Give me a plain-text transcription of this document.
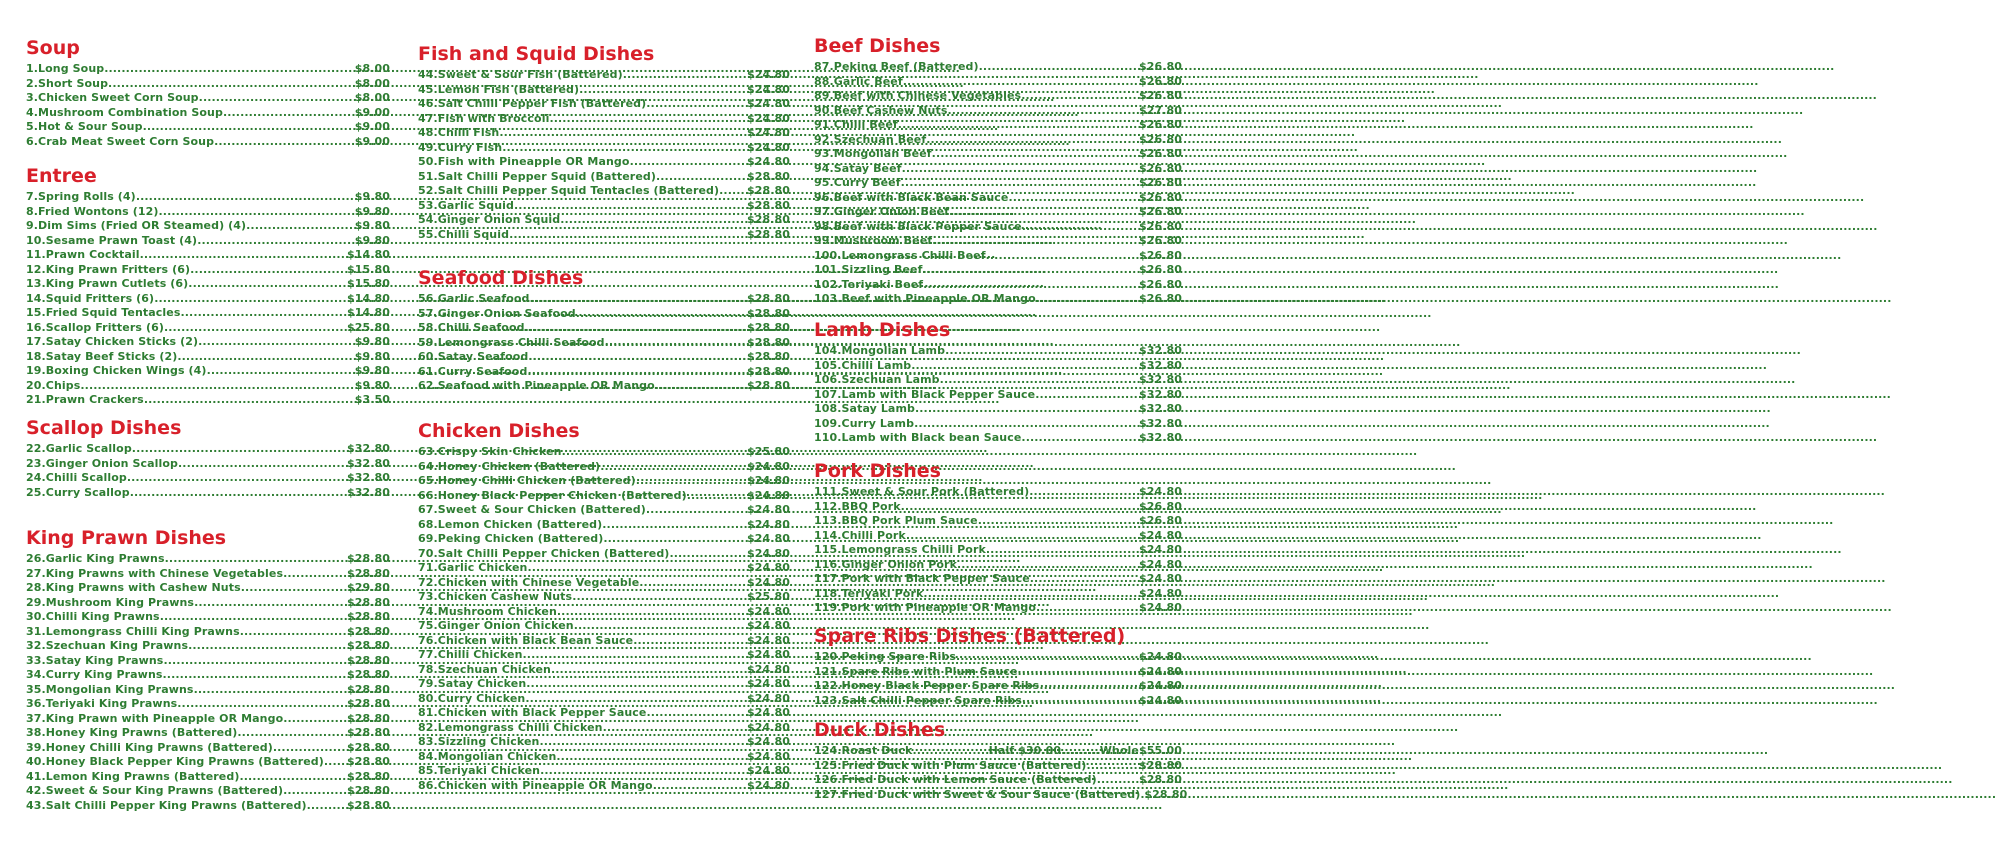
Soup
1.Long Soup .....	$8.00
2.Short Soup .....	$8.00
3.Chicken Sweet Corn Soup .....	$8.00
4.Mushroom Combination Soup .....	$9.00
5.Hot & Sour Soup .....	$9.00
6.Crab Meat Sweet Corn Soup .....	$9.00
Entree
7.Spring Rolls (4) .....	$9.80
8.Fried Wontons (12) .....	$9.80
9.Dim Sims (Fried OR Steamed) (4) .....	$9.80
10.Sesame Prawn Toast (4) .....	$9.80
11.Prawn Cocktail .....	$14.80
12.King Prawn Fritters (6) .....	$15.80
13.King Prawn Cutlets (6) .....	$15.80
14.Squid Fritters (6) .....	$14.80
15.Fried Squid Tentacles .....	$14.80
16.Scallop Fritters (6) .....	$25.80
17.Satay Chicken Sticks (2) .....	$9.80
18.Satay Beef Sticks (2) .....	$9.80
19.Boxing Chicken Wings (4) .....	$9.80
20.Chips .....	$9.80
21.Prawn Crackers .....	$3.50
Scallop Dishes
22.Garlic Scallop .....	$32.80
23.Ginger Onion Scallop .....	$32.80
24.Chilli Scallop .....	$32.80
25.Curry Scallop .....	$32.80
King Prawn Dishes
26.Garlic King Prawns .....	$28.80
27.King Prawns with Chinese Vegetables .....	$28.80
28.King Prawns with Cashew Nuts .....	$29.80
29.Mushroom King Prawns .....	$28.80
30.Chilli King Prawns .....	$28.80
31.Lemongrass Chilli King Prawns .....	$28.80
32.Szechuan King Prawns .....	$28.80
33.Satay King Prawns .....	$28.80
34.Curry King Prawns .....	$28.80
35.Mongolian King Prawns .....	$28.80
36.Teriyaki King Prawns .....	$28.80
37.King Prawn with Pineapple OR Mango .....	$28.80
38.Honey King Prawns (Battered) .....	$28.80
39.Honey Chilli King Prawns (Battered) .....	$28.80
40.Honey Black Pepper King Prawns (Battered) ..... $28.80
41.Lemon King Prawns (Battered) .....	$28.80
42.Sweet & Sour King Prawns (Battered) .....	$28.80
43.Salt Chilli Pepper King Prawns (Battered) .....	$28.80
Fish and Squid Dishes
44.Sweet & Sour Fish (Battered) .....	$24.80
45.Lemon Fish (Battered) .....	$24.80
46.Salt Chilli Pepper Fish (Battered) .....	$24.80
47.Fish with Broccoli .....	$24.80
48.Chilli Fish .....	$24.80
49.Curry Fish .....	$24.80
50.Fish with Pineapple OR Mango .....	$24.80
51.Salt Chilli Pepper Squid (Battered) .....	$28.80
52.Salt Chilli Pepper Squid Tentacles (Battered) .....	$28.80
53.Garlic Squid .....	$28.80
54.Ginger Onion Squid .....	$28.80
55.Chilli Squid .....	$28.80
Seafood Dishes
56.Garlic Seafood .....	$28.80
57.Ginger Onion Seafood .....	$28.80
58.Chilli Seafood .....	$28.80
59.Lemongrass Chilli Seafood .....	$28.80
60.Satay Seafood .....	$28.80
61.Curry Seafood .....	$28.80
62.Seafood with Pineapple OR Mango .....	$28.80
Chicken Dishes
63.Crispy Skin Chicken .....	$25.80
64.Honey Chicken (Battered) .....	$24.80
65.Honey Chilli Chicken (Battered) .....	$24.80
66.Honey Black Pepper Chicken (Battered) .....	$24.80
67.Sweet & Sour Chicken (Battered) .....	$24.80
68.Lemon Chicken (Battered) .....	$24.80
69.Peking Chicken (Battered) .....	$24.80
70.Salt Chilli Pepper Chicken (Battered) .....	$24.80
71.Garlic Chicken .....	$24.80
72.Chicken with Chinese Vegetable .....	$24.80
73.Chicken Cashew Nuts .....	$25.80
74.Mushroom Chicken .....	$24.80
75.Ginger Onion Chicken .....	$24.80
76.Chicken with Black Bean Sauce .....	$24.80
77.Chilli Chicken .....	$24.80
78.Szechuan Chicken .....	$24.80
79.Satay Chicken .....	$24.80
80.Curry Chicken .....	$24.80
81.Chicken with Black Pepper Sauce .....	$24.80
82.Lemongrass Chilli Chicken .....	$24.80
83.Sizzling Chicken .....	$24.80
84.Mongolian Chicken .....	$24.80
85.Teriyaki Chicken .....	$24.80
86.Chicken with Pineapple OR Mango .....	$24.80
Beef Dishes
87.Peking Beef (Battered) .....	$26.80
88.Garlic Beef .....	$26.80
89.Beef with Chinese Vegetables .....	$26.80
90.Beef Cashew Nuts .....	$27.80
91.Chilli Beef .....	$26.80
92.Szechuan Beef .....	$26.80
93.Mongolian Beef .....	$26.80
94.Satay Beef .....	$26.80
95.Curry Beef .....	$26.80
96.Beef with Black Bean Sauce .....	$26.80
97.Ginger Onion Beef .....	$26.80
98.Beef with Black Pepper Sauce .....	$26.80
99.Mushroom Beef .....	$26.80
100.Lemongrass Chilli Beef .....	$26.80
101.Sizzling Beef .....	$26.80
102.Teriyaki Beef .....	$26.80
103.Beef with Pineapple OR Mango .....	$26.80
Lamb Dishes
104.Mongolian Lamb .....	$32.80
105.Chilli Lamb .....	$32.80
106.Szechuan Lamb .....	$32.80
107.Lamb with Black Pepper Sauce .....	$32.80
108.Satay Lamb .....	$32.80
109.Curry Lamb .....	$32.80
110.Lamb with Black bean Sauce .....	$32.80
Pork Dishes
111.Sweet & Sour Pork (Battered) .....	$24.80
112.BBQ Pork .....	$26.80
113.BBQ Pork Plum Sauce .....	$26.80
114.Chilli Pork .....	$24.80
115.Lemongrass Chilli Pork .....	$24.80
116.Ginger Onion Pork .....	$24.80
117.Pork with Black Pepper Sauce .....	$24.80
118.Teriyaki Pork .....	$24.80
119.Pork with Pineapple OR Mango .....	$24.80
Spare Ribs Dishes (Battered)
120.Peking Spare Ribs .....	$24.80
121.Spare Ribs with Plum Sauce .....	$24.80
122.Honey Black Pepper Spare Ribs .....	$24.80
123.Salt Chilli Pepper Spare Ribs .....	$24.80
Duck Dishes
124.Roast Duck .....	Half $30.00.........Whole$55.00
125.Fried Duck with Plum Sauce (Battered) .....	$28.80
126.Fried Duck with Lemon Sauce (Battered) .....	$28.80
127.Fried Duck with Sweet & Sour Sauce (Battered) ..... $28.80
